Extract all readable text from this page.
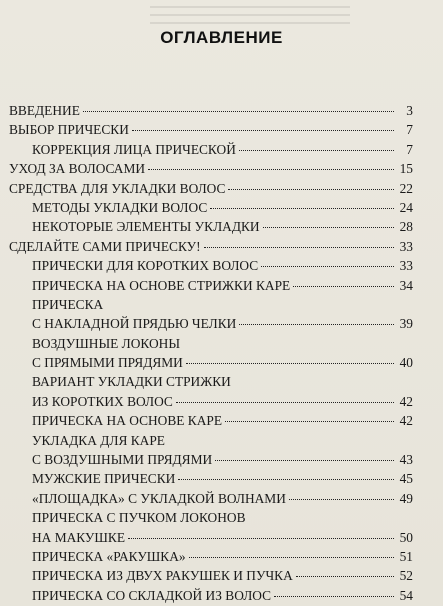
ОГЛАВЛЕНИЕ
ВВЕДЕНИЕ	3
ВЫБОР ПРИЧЕСКИ	7
КОРРЕКЦИЯ ЛИЦА ПРИЧЕСКОЙ	7
УХОД ЗА ВОЛОСАМИ	15
СРЕДСТВА ДЛЯ УКЛАДКИ ВОЛОС	22
МЕТОДЫ УКЛАДКИ ВОЛОС	24
НЕКОТОРЫЕ ЭЛЕМЕНТЫ УКЛАДКИ	28
СДЕЛАЙТЕ САМИ ПРИЧЕСКУ!	33
ПРИЧЕСКИ ДЛЯ КОРОТКИХ ВОЛОС	33
ПРИЧЕСКА НА ОСНОВЕ СТРИЖКИ КАРЕ	34
ПРИЧЕСКА
С НАКЛАДНОЙ ПРЯДЬЮ ЧЕЛКИ	39
ВОЗДУШНЫЕ ЛОКОНЫ
С ПРЯМЫМИ ПРЯДЯМИ	40
ВАРИАНТ УКЛАДКИ СТРИЖКИ
ИЗ КОРОТКИХ ВОЛОС	42
ПРИЧЕСКА НА ОСНОВЕ КАРЕ	42
УКЛАДКА ДЛЯ КАРЕ
С ВОЗДУШНЫМИ ПРЯДЯМИ	43
МУЖСКИЕ ПРИЧЕСКИ	45
«ПЛОЩАДКА» С УКЛАДКОЙ ВОЛНАМИ	49
ПРИЧЕСКА С ПУЧКОМ ЛОКОНОВ
НА МАКУШКЕ	50
ПРИЧЕСКА «РАКУШКА»	51
ПРИЧЕСКА ИЗ ДВУХ РАКУШЕК И ПУЧКА	52
ПРИЧЕСКА СО СКЛАДКОЙ ИЗ ВОЛОС	54
